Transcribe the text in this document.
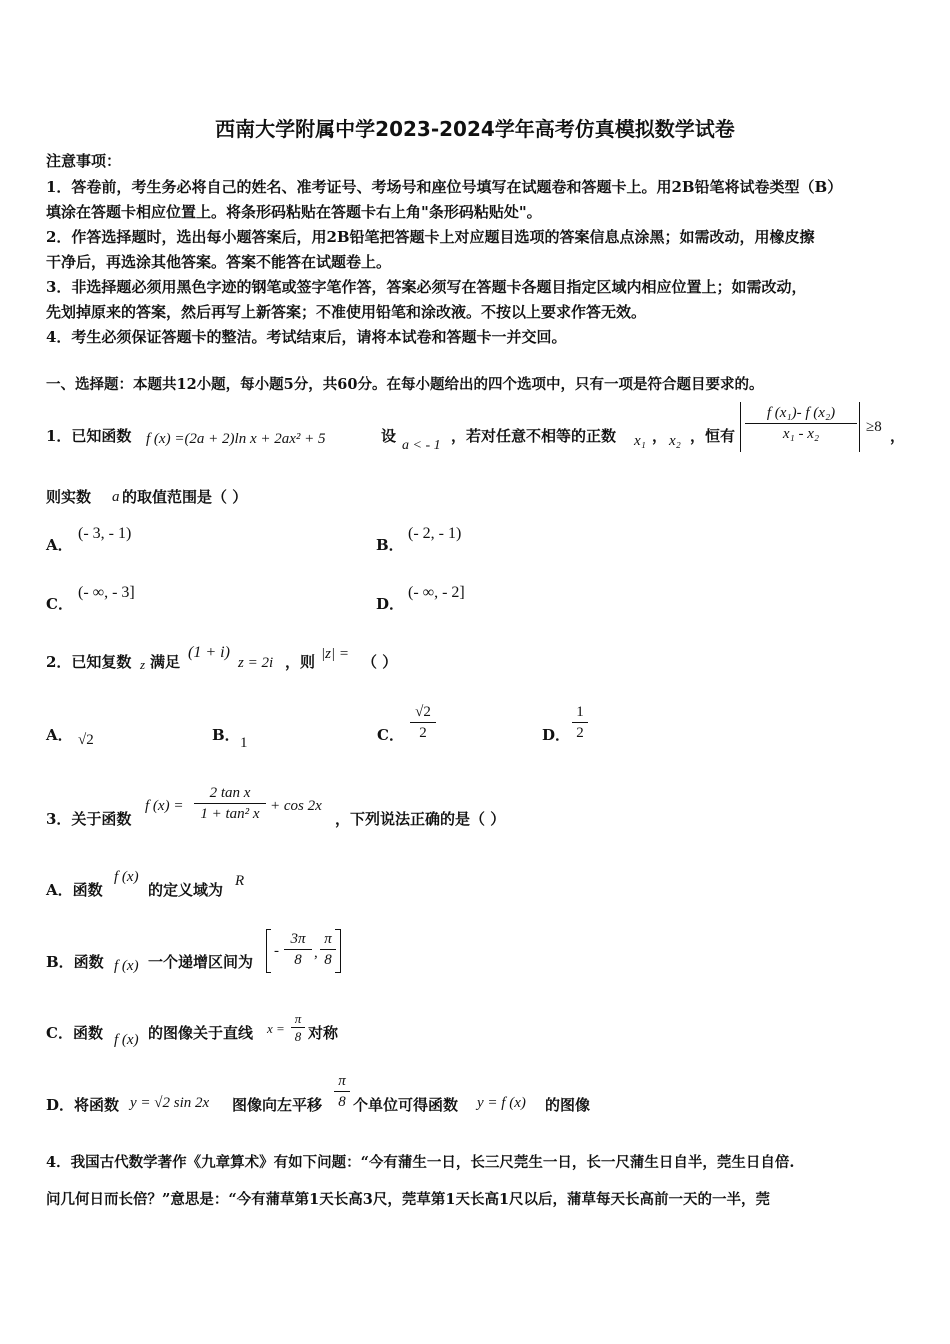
西南大学附属中学2023-2024学年高考仿真模拟数学试卷
注意事项：
1．答卷前，考生务必将自己的姓名、准考证号、考场号和座位号填写在试题卷和答题卡上。用2B铅笔将试卷类型（B）
填涂在答题卡相应位置上。将条形码粘贴在答题卡右上角"条形码粘贴处"。
2．作答选择题时，选出每小题答案后，用2B铅笔把答题卡上对应题目选项的答案信息点涂黑；如需改动，用橡皮擦
干净后，再选涂其他答案。答案不能答在试题卷上。
3．非选择题必须用黑色字迹的钢笔或签字笔作答，答案必须写在答题卡各题目指定区域内相应位置上；如需改动，
先划掉原来的答案，然后再写上新答案；不准使用铅笔和涂改液。不按以上要求作答无效。
4．考生必须保证答题卡的整洁。考试结束后，请将本试卷和答题卡一并交回。
一、选择题：本题共12小题，每小题5分，共60分。在每小题给出的四个选项中，只有一项是符合题目要求的。
1．已知函数 f (x) =(2a + 2)ln x + 2ax² + 5	设
a < - 1
，若对任意不相等的正数 x₁ ， x₂ ，恒有
f (x₁)- f (x₂)
x₁ - x₂	≥8 ，
则实数 a 的取值范围是（ ）
A．
(- 3, - 1)
B．
(- 2, - 1)
C．
(- ∞, - 3]
D．
(- ∞, - 2]
2．已知复数 z 满足
(1 + i)
z = 2i ，则 |z| = （ ）
A． √2	B． 1	C．
√2
2	D．
1
2
3．关于函数
f (x) =
2 tan x
1 + tan² x + cos 2x
，下列说法正确的是（ ）
A．函数
f (x)
的定义域为 R
B．函数 f (x) 一个递增区间为
-
3π
8 ,
π
8
C．函数 f (x) 的图像关于直线 x =
π
8 对称
D．将函数 y = √2 sin 2x 图像向左平移
π
8 个单位可得函数 y = f (x) 的图像
4．我国古代数学著作《九章算术》有如下问题：“今有蒲生一日，长三尺莞生一日，长一尺蒲生日自半，莞生日自倍.
问几何日而长倍？”意思是：“今有蒲草第1天长高3尺，莞草第1天长高1尺以后，蒲草每天长高前一天的一半，莞
